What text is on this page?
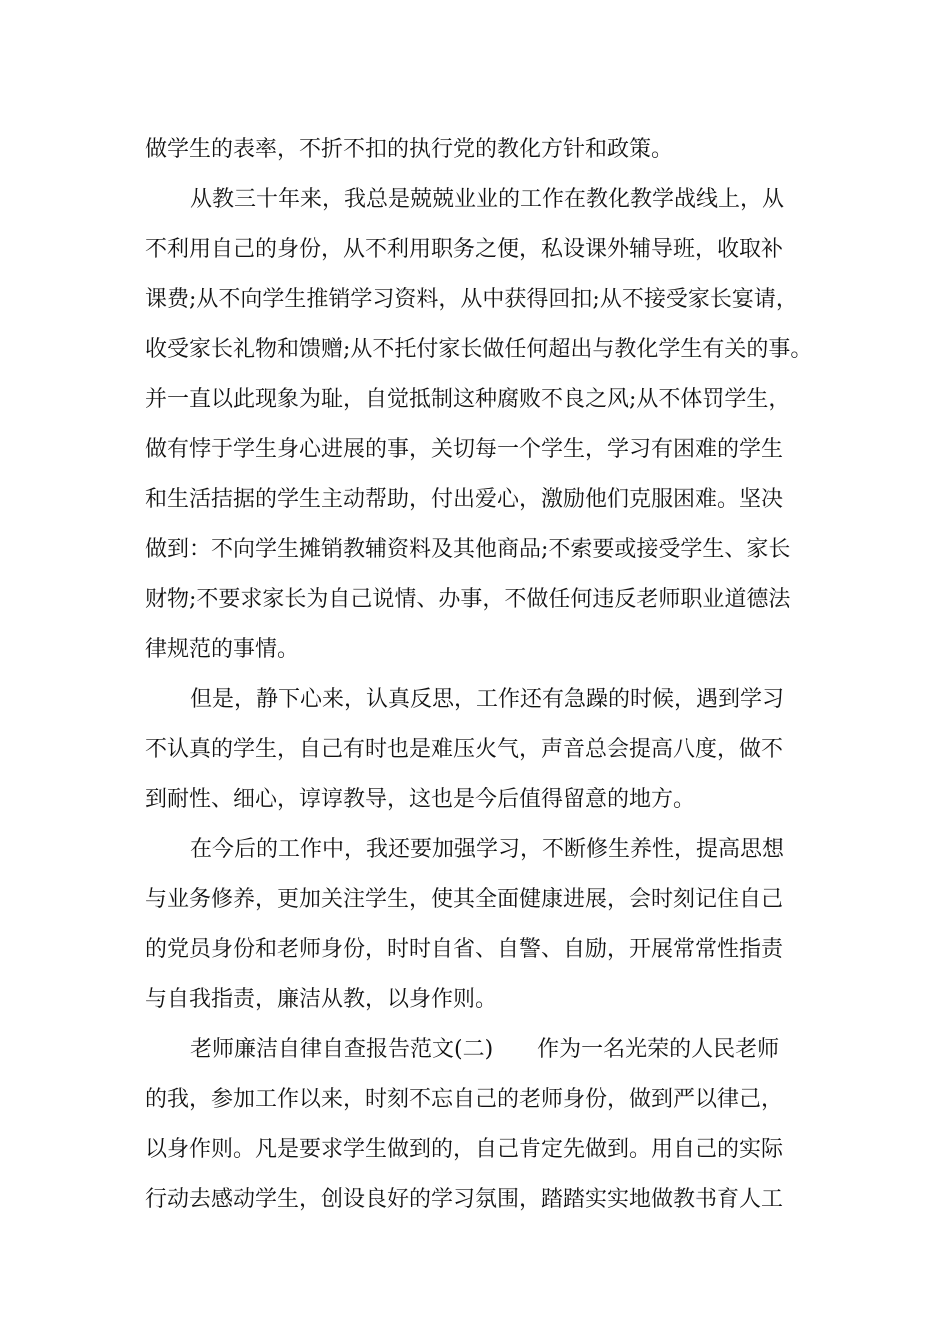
做学生的表率，不折不扣的执行党的教化方针和政策。
从教三十年来，我总是兢兢业业的工作在教化教学战线上，从
不利用自己的身份，从不利用职务之便，私设课外辅导班，收取补
课费;从不向学生推销学习资料，从中获得回扣;从不接受家长宴请，
收受家长礼物和馈赠;从不托付家长做任何超出与教化学生有关的事。
并一直以此现象为耻，自觉抵制这种腐败不良之风;从不体罚学生，
做有悖于学生身心进展的事，关切每一个学生，学习有困难的学生
和生活拮据的学生主动帮助，付出爱心，激励他们克服困难。坚决
做到：不向学生摊销教辅资料及其他商品;不索要或接受学生、家长
财物;不要求家长为自己说情、办事，不做任何违反老师职业道德法
律规范的事情。
但是，静下心来，认真反思，工作还有急躁的时候，遇到学习
不认真的学生，自己有时也是难压火气，声音总会提高八度，做不
到耐性、细心，谆谆教导，这也是今后值得留意的地方。
在今后的工作中，我还要加强学习，不断修生养性，提高思想
与业务修养，更加关注学生，使其全面健康进展，会时刻记住自己
的党员身份和老师身份，时时自省、自警、自励，开展常常性指责
与自我指责，廉洁从教，以身作则。
老师廉洁自律自查报告范文(二)　　作为一名光荣的人民老师
的我，参加工作以来，时刻不忘自己的老师身份，做到严以律己，
以身作则。凡是要求学生做到的，自己肯定先做到。用自己的实际
行动去感动学生，创设良好的学习氛围，踏踏实实地做教书育人工
